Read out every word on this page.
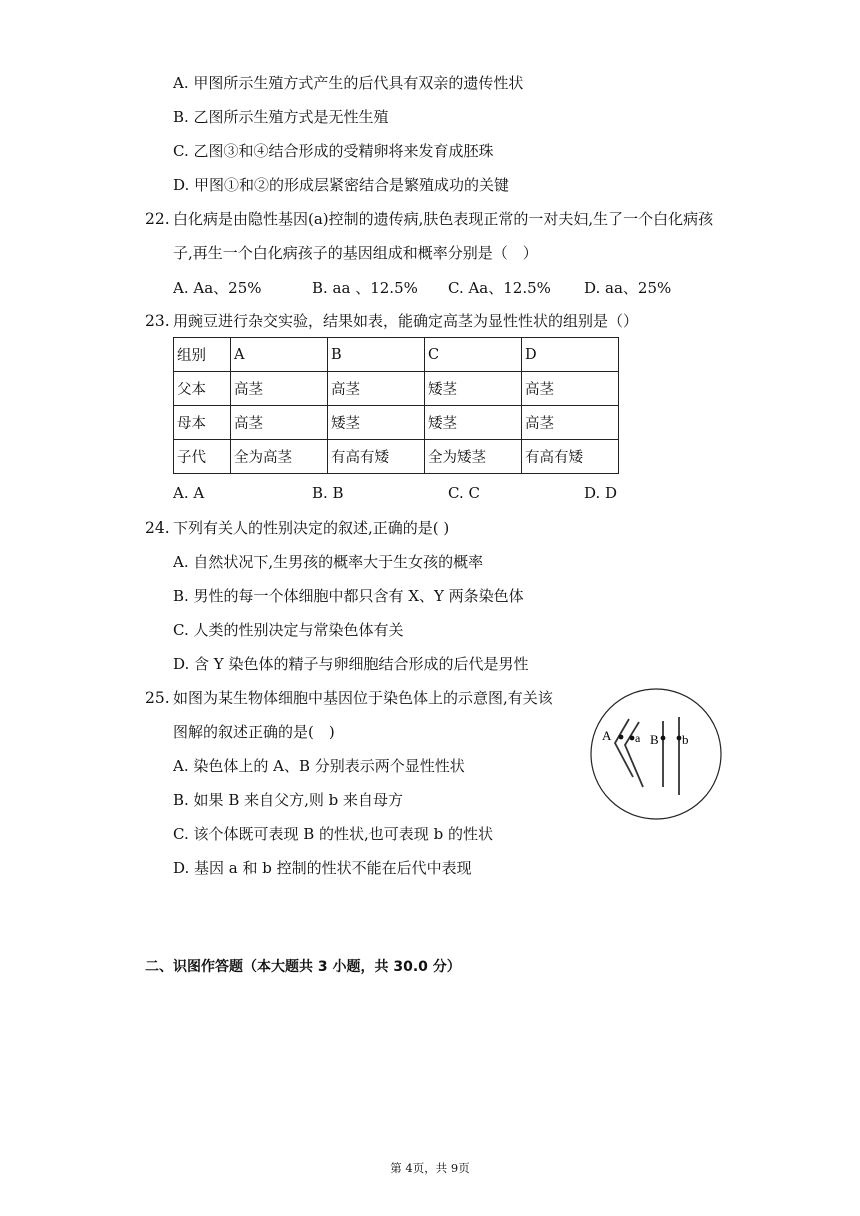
A. 甲图所示生殖方式产生的后代具有双亲的遗传性状
B. 乙图所示生殖方式是无性生殖
C. 乙图③和④结合形成的受精卵将来发育成胚珠
D. 甲图①和②的形成层紧密结合是繁殖成功的关键
22. 白化病是由隐性基因(a)控制的遗传病,肤色表现正常的一对夫妇,生了一个白化病孩
子,再生一个白化病孩子的基因组成和概率分别是（　）
A. Aa、25%	B. aa 、12.5% C. Aa、12.5% D. aa、25%
23. 用豌豆进行杂交实验，结果如表，能确定高茎为显性性状的组别是（）
组别	A	B	C	D
父本	高茎	高茎	矮茎	高茎
母本	高茎	矮茎	矮茎	高茎
子代	全为高茎	有高有矮	全为矮茎	有高有矮
A. A	B. B	C. C	D. D
24. 下列有关人的性别决定的叙述,正确的是( )
A. 自然状况下,生男孩的概率大于生女孩的概率
B. 男性的每一个体细胞中都只含有 X、Y 两条染色体
C. 人类的性别决定与常染色体有关
D. 含 Y 染色体的精子与卵细胞结合形成的后代是男性
25. 如图为某生物体细胞中基因位于染色体上的示意图,有关该
图解的叙述正确的是(　)
A. 染色体上的 A、B 分别表示两个显性性状
B. 如果 B 来自父方,则 b 来自母方
C. 该个体既可表现 B 的性状,也可表现 b 的性状
D. 基因 a 和 b 控制的性状不能在后代中表现
A a B b
二、识图作答题（本大题共 3 小题，共 30.0 分）
第 4页，共 9页
